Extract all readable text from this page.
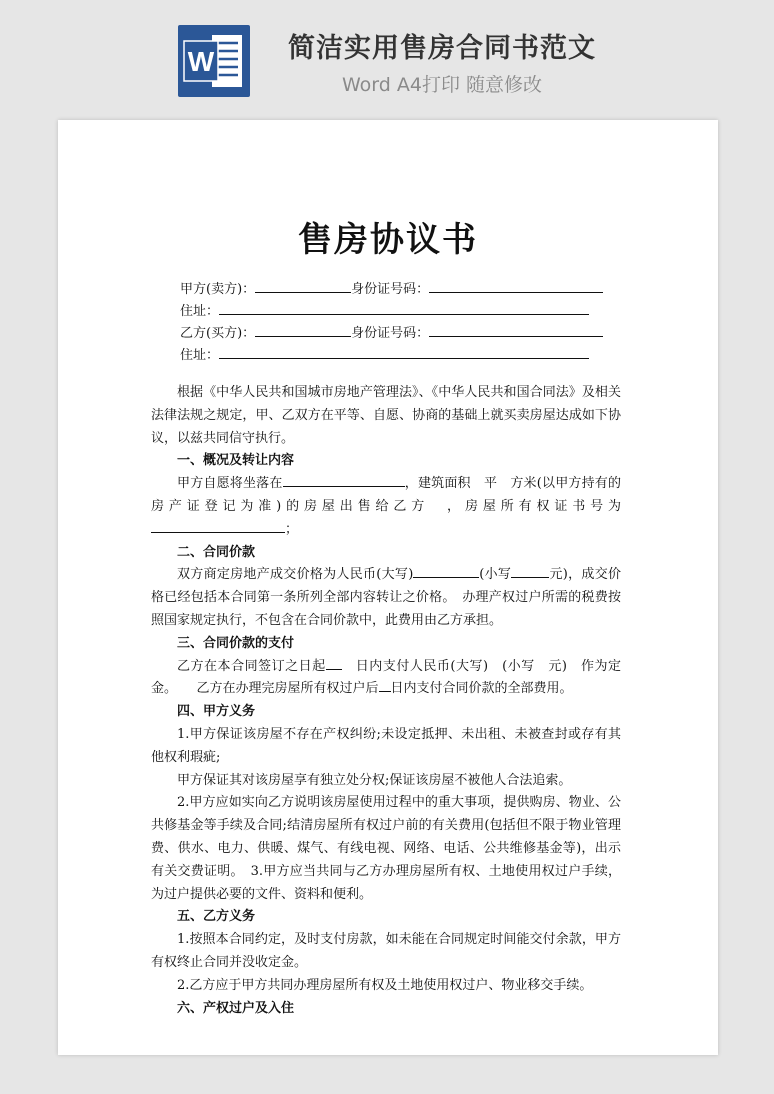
W	简洁实用售房合同书范文
Word A4打印 随意修改
售房协议书
甲方(卖方)：	身份证号码：
住址：
乙方(买方)：	身份证号码：
住址：

根据《中华人民共和国城市房地产管理法》、《中华人民共和国合同法》及相关法律法规之规定，甲、乙双方在平等、自愿、协商的基础上就买卖房屋达成如下协议，以兹共同信守执行。

一、概况及转让内容

甲方自愿将坐落在	，建筑面积　平　方米(以甲方持有的房产证登记为准)的房屋出售给乙方　，房屋所有权证书号为；

二、合同价款

双方商定房地产成交价格为人民币(大写)	(小写	元)，成交价格已经包括本合同第一条所列全部内容转让之价格。　办理产权过户所需的税费按照国家规定执行，不包含在合同价款中，此费用由乙方承担。

三、合同价款的支付

乙方在本合同签订之日起　日内支付人民币(大写)　(小写　元)　作为定金。　　乙方在办理完房屋所有权过户后 日内支付合同价款的全部费用。

四、甲方义务

1.甲方保证该房屋不存在产权纠纷;未设定抵押、未出租、未被查封或存有其他权利瑕疵;

甲方保证其对该房屋享有独立处分权;保证该房屋不被他人合法追索。

2.甲方应如实向乙方说明该房屋使用过程中的重大事项，提供购房、物业、公共修基金等手续及合同;结清房屋所有权过户前的有关费用(包括但不限于物业管理费、供水、电力、供暖、煤气、有线电视、网络、电话、公共维修基金等)，出示有关交费证明。　3.甲方应当共同与乙方办理房屋所有权、土地使用权过户手续，为过户提供必要的文件、资料和便利。

五、乙方义务

1.按照本合同约定，及时支付房款，如未能在合同规定时间能交付余款，甲方有权终止合同并没收定金。

2.乙方应于甲方共同办理房屋所有权及土地使用权过户、物业移交手续。

六、产权过户及入住
